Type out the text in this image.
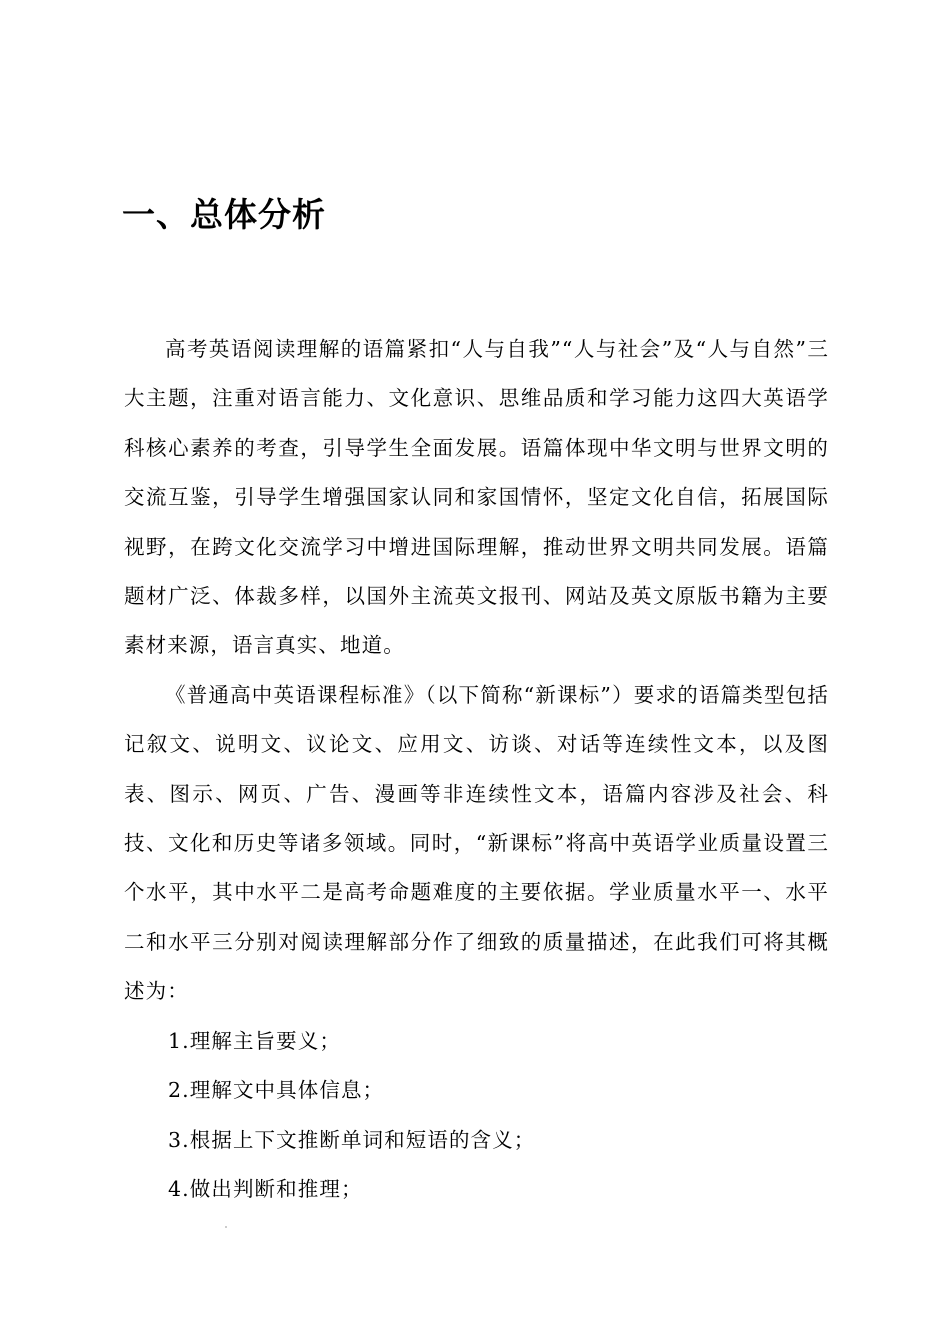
一、总体分析

高考英语阅读理解的语篇紧扣“人与自我”“人与社会”及“人与自然”三大主题，注重对语言能力、文化意识、思维品质和学习能力这四大英语学科核心素养的考查，引导学生全面发展。语篇体现中华文明与世界文明的交流互鉴，引导学生增强国家认同和家国情怀，坚定文化自信，拓展国际视野，在跨文化交流学习中增进国际理解，推动世界文明共同发展。语篇题材广泛、体裁多样，以国外主流英文报刊、网站及英文原版书籍为主要素材来源，语言真实、地道。

《普通高中英语课程标准》（以下简称“新课标”）要求的语篇类型包括记叙文、说明文、议论文、应用文、访谈、对话等连续性文本，以及图表、图示、网页、广告、漫画等非连续性文本，语篇内容涉及社会、科技、文化和历史等诸多领域。同时，“新课标”将高中英语学业质量设置三个水平，其中水平二是高考命题难度的主要依据。学业质量水平一、水平二和水平三分别对阅读理解部分作了细致的质量描述，在此我们可将其概述为：

1.理解主旨要义；

2.理解文中具体信息；

3.根据上下文推断单词和短语的含义；

4.做出判断和推理；
